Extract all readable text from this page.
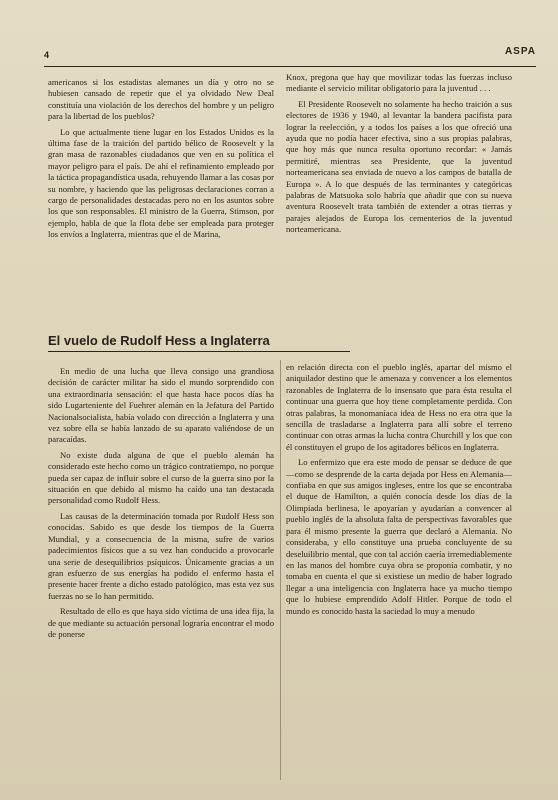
4	ASPA

americanos si los estadistas alemanes un día y otro no se hubiesen cansado de repetir que el ya olvidado New Deal constituía una violación de los derechos del hombre y un peligro para la libertad de los pueblos?

Lo que actualmente tiene lugar en los Estados Unidos es la última fase de la traición del partido bélico de Roosevelt y la gran masa de razonables ciudadanos que ven en su política el mayor peligro para el país. De ahí el refinamiento empleado por la táctica propagandística usada, rehuyendo llamar a las cosas por su nombre, y haciendo que las peligrosas declaraciones corran a cargo de personalidades destacadas pero no en los asuntos sobre los que son responsables. El ministro de la Guerra, Stimson, por ejemplo, habla de que la flota debe ser empleada para proteger los envíos a Inglaterra, mientras que el de Marina,

Knox, pregona que hay que movilizar todas las fuerzas incluso mediante el servicio militar obligatorio para la juventud . . .

El Presidente Roosevelt no solamente ha hecho traición a sus electores de 1936 y 1940, al levantar la bandera pacifista para lograr la reelección, y a todos los países a los que ofreció una ayuda que no podía hacer efectiva, sino a sus propias palabras, que hoy más que nunca resulta oportuno recordar: « Jamás permitiré, mientras sea Presidente, que la juventud norteamericana sea enviada de nuevo a los campos de batalla de Europa ». A lo que después de las terminantes y categóricas palabras de Matsuoka solo habría que añadir que con su nueva aventura Roosevelt trata también de extender a otras tierras y parajes alejados de Europa los cementerios de la juventud norteamericana.

El vuelo de Rudolf Hess a Inglaterra

En medio de una lucha que lleva consigo una grandiosa decisión de carácter militar ha sido el mundo sorprendido con una extraordinaria sensación: el que hasta hace pocos días ha sido Lugarteniente del Fuehrer alemán en la Jefatura del Partido Nacionalsocialista, había volado con dirección a Inglaterra y una vez sobre ella se había lanzado de su aparato valiéndose de un paracaídas.

No existe duda alguna de que el pueblo alemán ha considerado este hecho como un trágico contratiempo, no porque pueda ser capaz de influir sobre el curso de la guerra sino por la situación en que debido al mismo ha caído una tan destacada personalidad como Rudolf Hess.

Las causas de la determinación tomada por Rudolf Hess son conocidas. Sabido es que desde los tiempos de la Guerra Mundial, y a consecuencia de la misma, sufre de varios padecimientos físicos que a su vez han conducido a provocarle una serie de desequilibrios psíquicos. Únicamente gracias a un gran esfuerzo de sus energías ha podido el enfermo hasta el presente hacer frente a dicho estado patológico, mas esta vez sus fuerzas no se lo han permitido.

Resultado de ello es que haya sido víctima de una idea fija, la de que mediante su actuación personal lograría encontrar el modo de ponerse

en relación directa con el pueblo inglés, apartar del mismo el aniquilador destino que le amenaza y convencer a los elementos razonables de Inglaterra de lo insensato que para ésta resulta el continuar una guerra que hoy tiene completamente perdida. Con otras palabras, la monomaníaca idea de Hess no era otra que la sencilla de trasladarse a Inglaterra para allí sobre el terreno continuar con otras armas la lucha contra Churchill y los que con él constituyen el grupo de los agitadores bélicos en Inglaterra.

Lo enfermizo que era este modo de pensar se deduce de que—como se desprende de la carta dejada por Hess en Alemania—confiaba en que sus amigos ingleses, entre los que se encontraba el duque de Hamilton, a quién conocía desde los días de la Olimpiada berlinesa, le apoyarían y ayudarían a convencer al pueblo inglés de la absoluta falta de perspectivas favorables que para él mismo presente la guerra que declaró a Alemania. No consideraba, y ello constituye una prueba concluyente de su deseluilibrio mental, que con tal acción caería irremediablemente en las manos del hombre cuya obra se proponía combatir, y no tomaba en cuenta el que si existiese un medio de haber logrado llegar a una inteligencia con Inglaterra hace ya mucho tiempo que lo hubiese emprendido Adolf Hitler. Porque de todo el mundo es conocido hasta la saciedad lo muy a menudo
